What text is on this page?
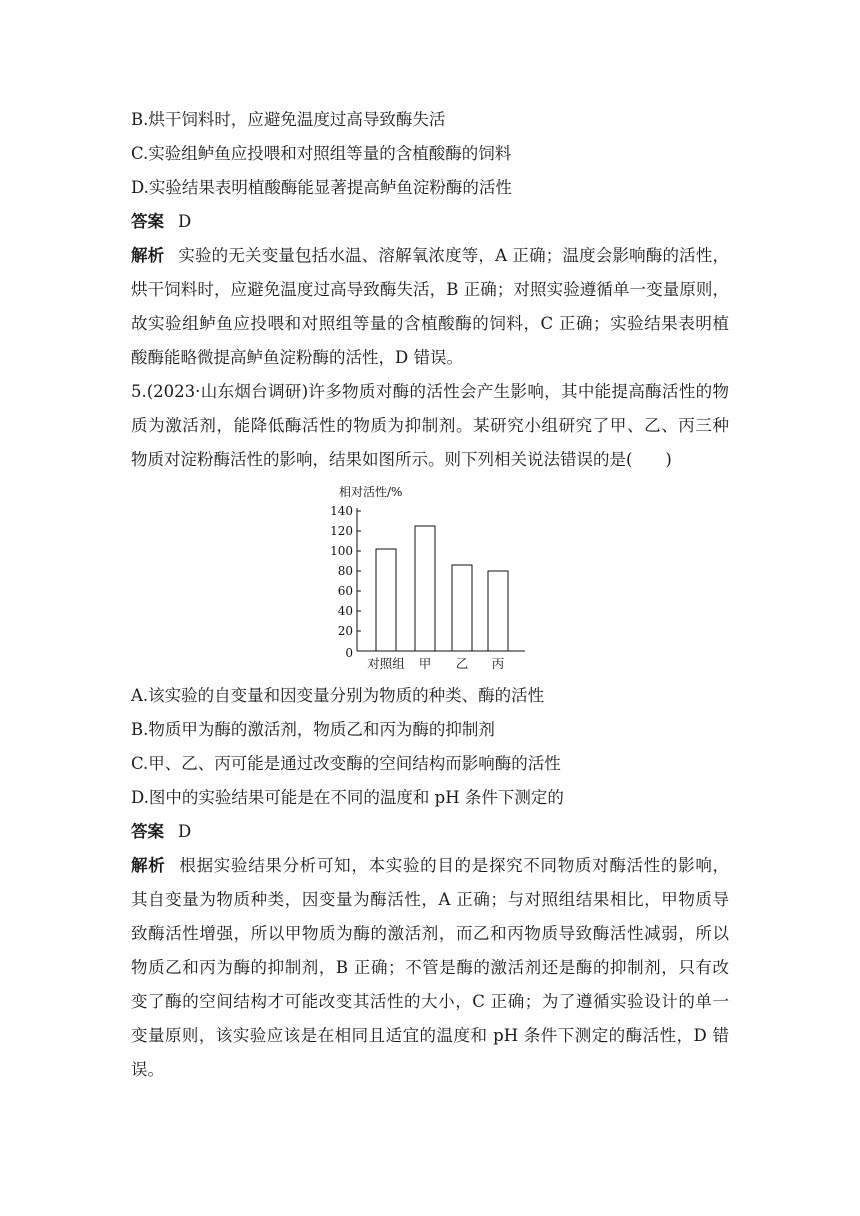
B.烘干饲料时，应避免温度过高导致酶失活
C.实验组鲈鱼应投喂和对照组等量的含植酸酶的饲料
D.实验结果表明植酸酶能显著提高鲈鱼淀粉酶的活性
答案 D
解析 实验的无关变量包括水温、溶解氧浓度等，A 正确；温度会影响酶的活性，
烘干饲料时，应避免温度过高导致酶失活，B 正确；对照实验遵循单一变量原则，
故实验组鲈鱼应投喂和对照组等量的含植酸酶的饲料，C 正确；实验结果表明植
酸酶能略微提高鲈鱼淀粉酶的活性，D 错误。
5.(2023·山东烟台调研)许多物质对酶的活性会产生影响，其中能提高酶活性的物
质为激活剂，能降低酶活性的物质为抑制剂。某研究小组研究了甲、乙、丙三种
物质对淀粉酶活性的影响，结果如图所示。则下列相关说法错误的是(　　)
相对活性/%
0
20
40
60
80
100
120
140
对照组 甲 乙 丙
A.该实验的自变量和因变量分别为物质的种类、酶的活性
B.物质甲为酶的激活剂，物质乙和丙为酶的抑制剂
C.甲、乙、丙可能是通过改变酶的空间结构而影响酶的活性
D.图中的实验结果可能是在不同的温度和 pH 条件下测定的
答案 D
解析 根据实验结果分析可知，本实验的目的是探究不同物质对酶活性的影响，
其自变量为物质种类，因变量为酶活性，A 正确；与对照组结果相比，甲物质导
致酶活性增强，所以甲物质为酶的激活剂，而乙和丙物质导致酶活性减弱，所以
物质乙和丙为酶的抑制剂，B 正确；不管是酶的激活剂还是酶的抑制剂，只有改
变了酶的空间结构才可能改变其活性的大小，C 正确；为了遵循实验设计的单一
变量原则，该实验应该是在相同且适宜的温度和 pH 条件下测定的酶活性，D 错
误。
